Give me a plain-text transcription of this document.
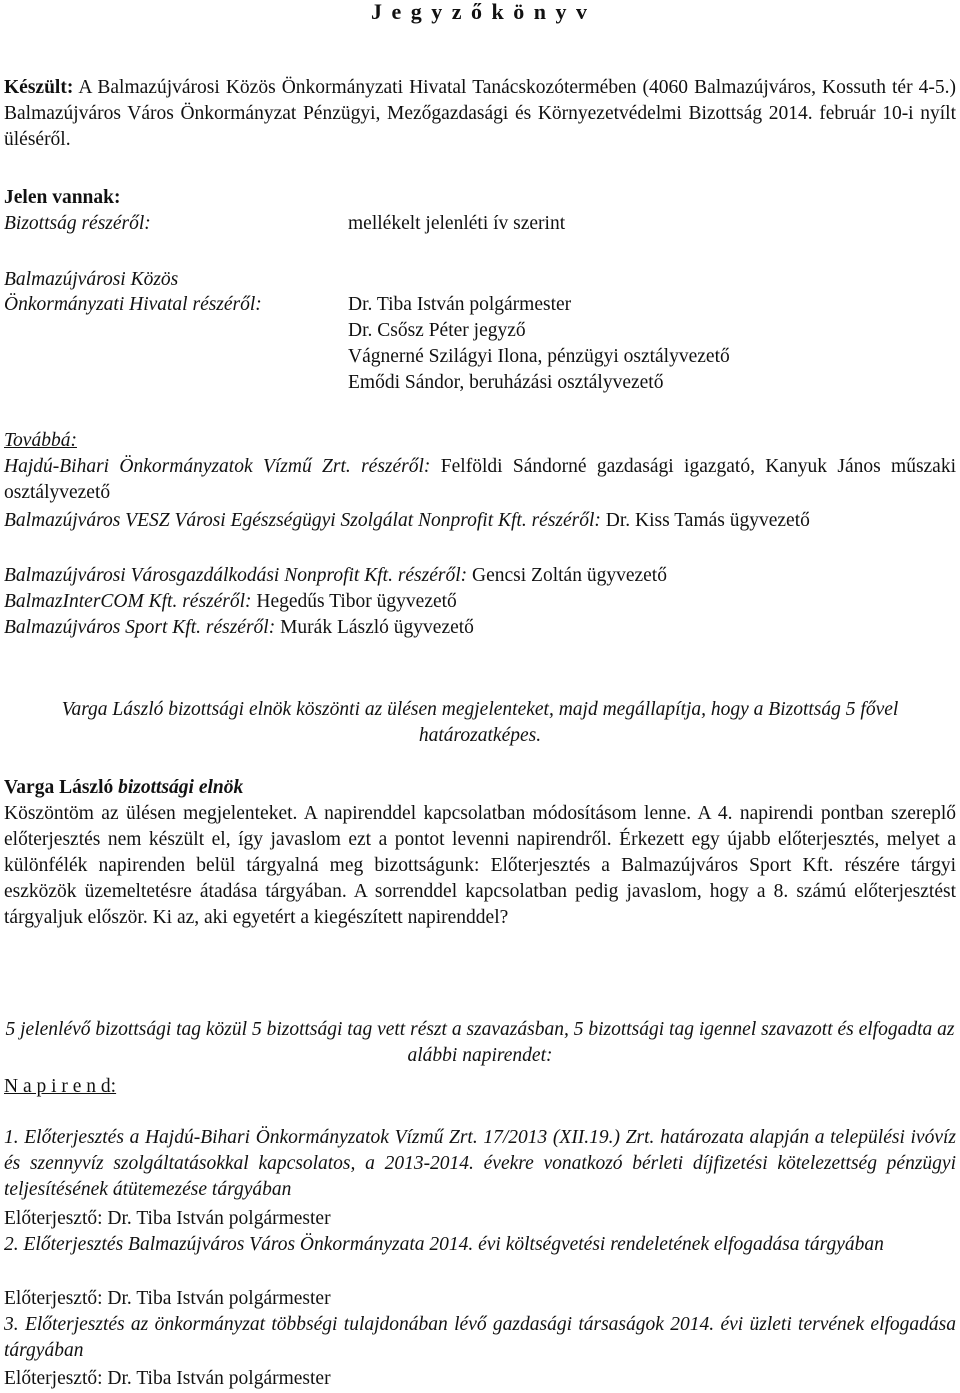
J e g y z ő k ö n y v
Készült: A Balmazújvárosi Közös Önkormányzati Hivatal Tanácskozótermében (4060 Balmazújváros, Kossuth tér 4-5.) Balmazújváros Város Önkormányzat Pénzügyi, Mezőgazdasági és Környezetvédelmi Bizottság 2014. február 10-i nyílt üléséről.
Jelen vannak:
Bizottság részéről:	mellékelt jelenléti ív szerint
Balmazújvárosi Közös
Önkormányzati Hivatal részéről:	Dr. Tiba István polgármester
Dr. Csősz Péter jegyző
Vágnerné Szilágyi Ilona, pénzügyi osztályvezető
Emődi Sándor, beruházási osztályvezető
Továbbá:
Hajdú-Bihari Önkormányzatok Vízmű Zrt. részéről: Felföldi Sándorné gazdasági igazgató, Kanyuk János műszaki osztályvezető
Balmazújváros VESZ Városi Egészségügyi Szolgálat Nonprofit Kft. részéről: Dr. Kiss Tamás ügyvezető
Balmazújvárosi Városgazdálkodási Nonprofit Kft. részéről: Gencsi Zoltán ügyvezető
BalmazInterCOM Kft. részéről: Hegedűs Tibor ügyvezető
Balmazújváros Sport Kft. részéről: Murák László ügyvezető
Varga László bizottsági elnök köszönti az ülésen megjelenteket, majd megállapítja, hogy a Bizottság 5 fővel határozatképes.
Varga László bizottsági elnök
Köszöntöm az ülésen megjelenteket. A napirenddel kapcsolatban módosításom lenne. A 4. napirendi pontban szereplő előterjesztés nem készült el, így javaslom ezt a pontot levenni napirendről. Érkezett egy újabb előterjesztés, melyet a különfélék napirenden belül tárgyalná meg bizottságunk: Előterjesztés a Balmazújváros Sport Kft. részére tárgyi eszközök üzemeltetésre átadása tárgyában. A sorrenddel kapcsolatban pedig javaslom, hogy a 8. számú előterjesztést tárgyaljuk először. Ki az, aki egyetért a kiegészített napirenddel?
5 jelenlévő bizottsági tag közül 5 bizottsági tag vett részt a szavazásban, 5 bizottsági tag igennel szavazott és elfogadta az alábbi napirendet:
N a p i r e n d:
1. Előterjesztés a Hajdú-Bihari Önkormányzatok Vízmű Zrt. 17/2013 (XII.19.) Zrt. határozata alapján a települési ivóvíz és szennyvíz szolgáltatásokkal kapcsolatos, a 2013-2014. évekre vonatkozó bérleti díjfizetési kötelezettség pénzügyi teljesítésének átütemezése tárgyában
Előterjesztő: Dr. Tiba István polgármester
2. Előterjesztés Balmazújváros Város Önkormányzata 2014. évi költségvetési rendeletének elfogadása tárgyában
Előterjesztő: Dr. Tiba István polgármester
3. Előterjesztés az önkormányzat többségi tulajdonában lévő gazdasági társaságok 2014. évi üzleti tervének elfogadása tárgyában
Előterjesztő: Dr. Tiba István polgármester
